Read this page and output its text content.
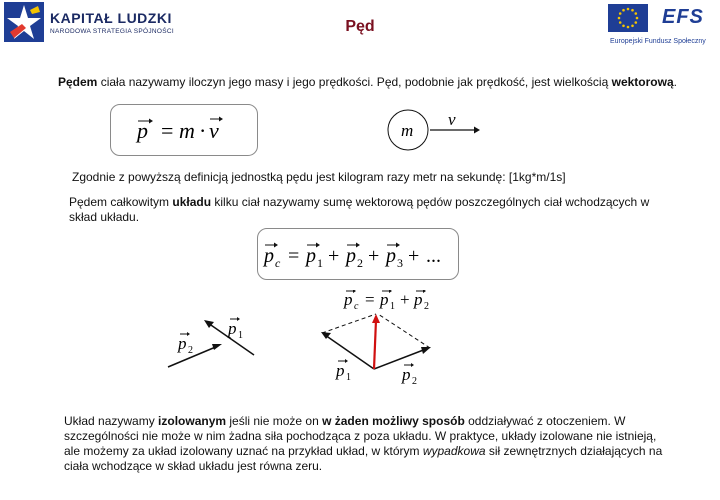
KAPITAŁ LUDZKI
NARODOWA STRATEGIA SPÓJNOŚCI	Pęd	EFS
Europejski Fundusz Społeczny
Pędem ciała nazywamy iloczyn jego masy i jego prędkości. Pęd, podobnie jak prędkość, jest wielkością wektorową.
p = m · v	m
v
Zgodnie z powyższą definicją jednostką pędu jest kilogram razy metr na sekundę: [1kg*m/1s]
Pędem całkowitym układu kilku ciał nazywamy sumę wektorową pędów poszczególnych ciał wchodzących w skład układu.
p c = p 1 + p 2 + p 3 + ...
p 1
p 2
p 1	p 2
p c = p 1 + p 2
Układ nazywamy izolowanym jeśli nie może on w żaden możliwy sposób oddziaływać z otoczeniem. W szczególności nie może w nim żadna siła pochodząca z poza układu. W praktyce, układy izolowane nie istnieją, ale możemy za układ izolowany uznać na przykład układ, w którym wypadkowa sił zewnętrznych działających na ciała wchodzące w skład układu jest równa zeru.
